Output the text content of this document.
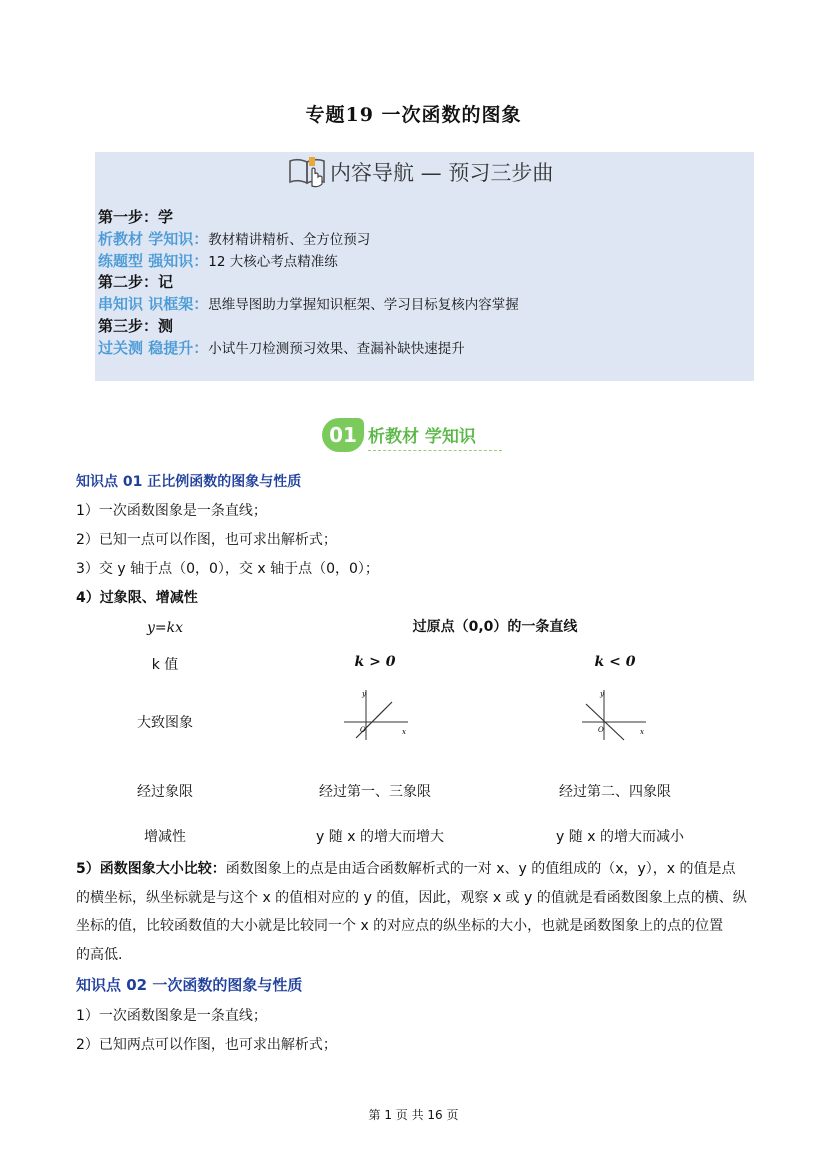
专题19 一次函数的图象
内容导航 — 预习三步曲
第一步：学
析教材 学知识：教材精讲精析、全方位预习
练题型 强知识：12 大核心考点精准练
第二步：记
串知识 识框架：思维导图助力掌握知识框架、学习目标复核内容掌握
第三步：测
过关测 稳提升：小试牛刀检测预习效果、查漏补缺快速提升
01 析教材 学知识
知识点 01 正比例函数的图象与性质
1）一次函数图象是一条直线；
2）已知一点可以作图，也可求出解析式；
3）交 y 轴于点（0，0），交 x 轴于点（0，0）；
4）过象限、增减性
y=kx	过原点（0,0）的一条直线
k 值	k > 0	k < 0
大致图象
y
x
O
y
x
O
经过象限	经过第一、三象限	经过第二、四象限
增减性	y 随 x 的增大而增大	y 随 x 的增大而减小
5）函数图象大小比较：函数图象上的点是由适合函数解析式的一对 x、y 的值组成的（x，y），x 的值是点
的横坐标，纵坐标就是与这个 x 的值相对应的 y 的值，因此，观察 x 或 y 的值就是看函数图象上点的横、纵
坐标的值，比较函数值的大小就是比较同一个 x 的对应点的纵坐标的大小，也就是函数图象上的点的位置
的高低.
知识点 02 一次函数的图象与性质
1）一次函数图象是一条直线；
2）已知两点可以作图，也可求出解析式；
第 1 页 共 16 页
